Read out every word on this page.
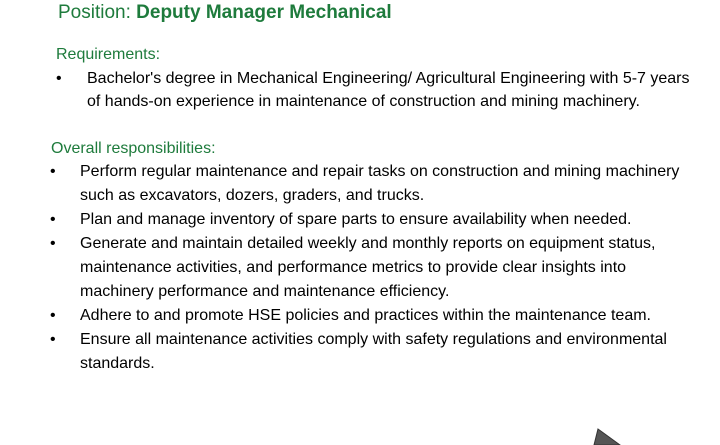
Position: Deputy Manager Mechanical
Requirements:
• Bachelor's degree in Mechanical Engineering/ Agricultural Engineering with 5-7 years of hands-on experience in maintenance of construction and mining machinery.
Overall responsibilities:
• Perform regular maintenance and repair tasks on construction and mining machinery such as excavators, dozers, graders, and trucks.
• Plan and manage inventory of spare parts to ensure availability when needed.
• Generate and maintain detailed weekly and monthly reports on equipment status, maintenance activities, and performance metrics to provide clear insights into machinery performance and maintenance efficiency.
• Adhere to and promote HSE policies and practices within the maintenance team.
• Ensure all maintenance activities comply with safety regulations and environmental standards.
